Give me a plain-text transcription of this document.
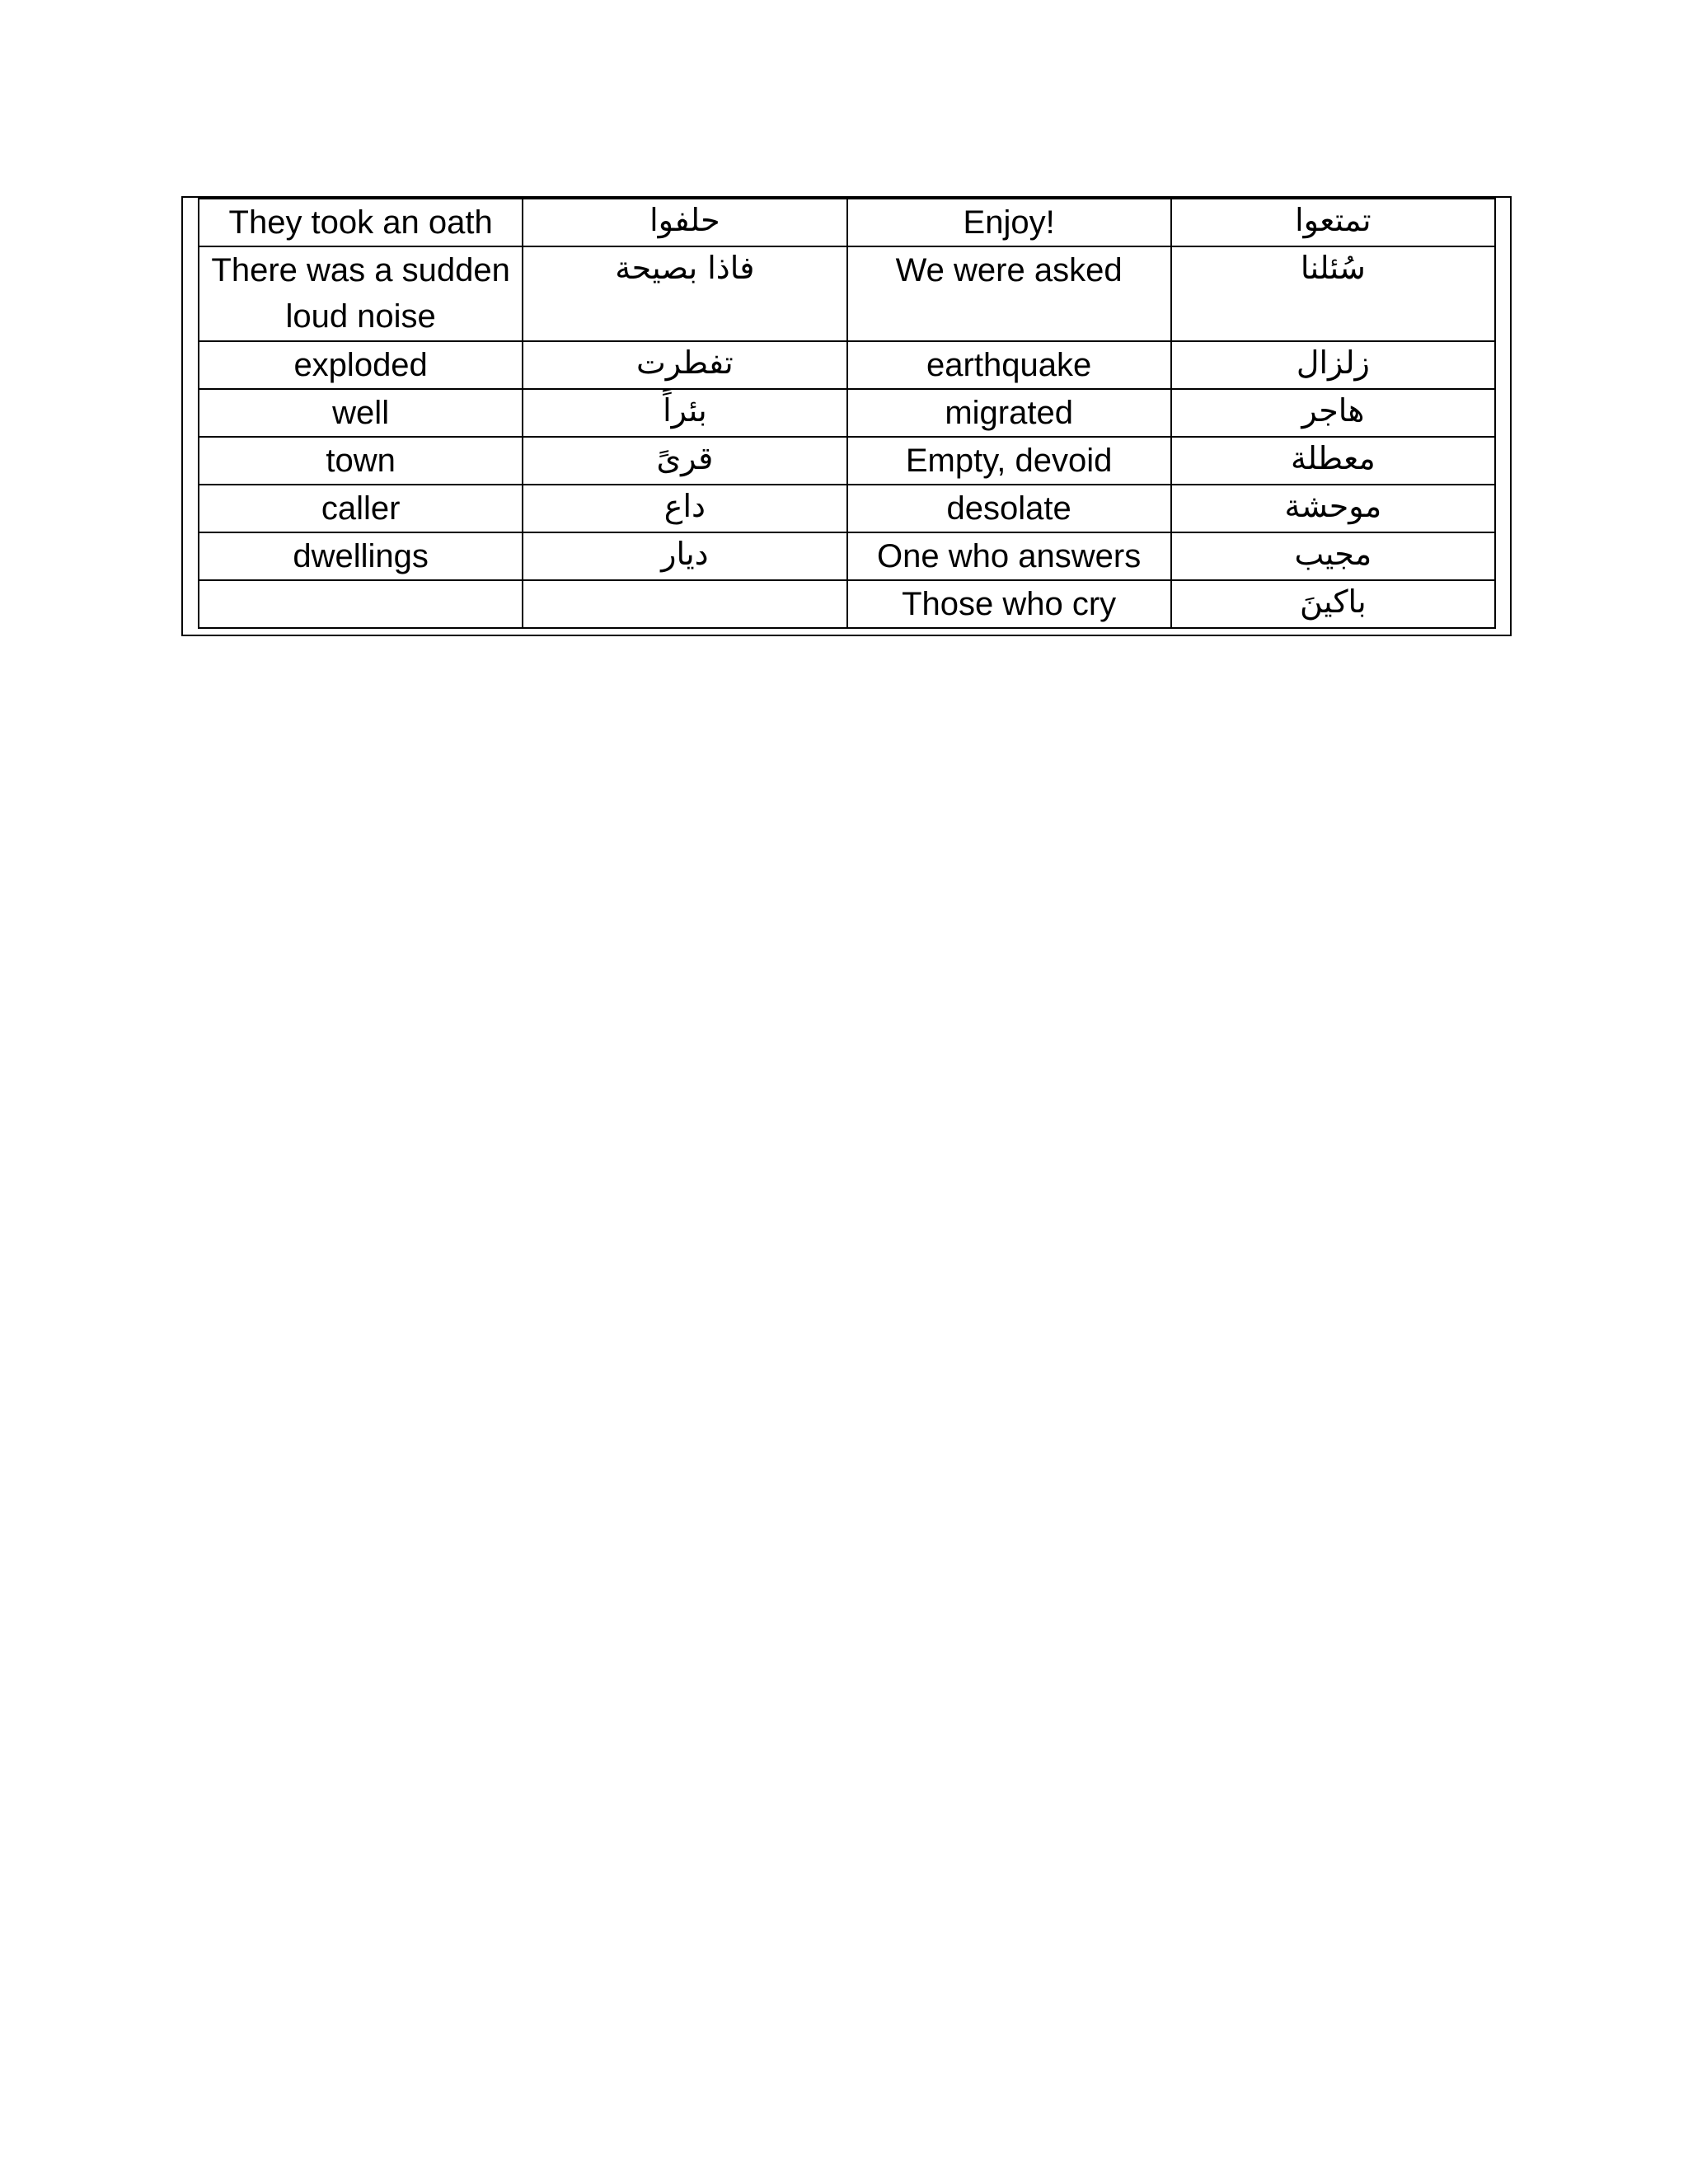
They took an oath	حلفوا	Enjoy!	تمتعوا
There was a sudden loud noise	فاذا بصيحة	We were asked	سُئلنا
exploded	تفطرت	earthquake	زلزال
well	بئراً	migrated	هاجر
town	قرىً	Empty, devoid	معطلة
caller	داع	desolate	موحشة
dwellings	ديار	One who answers	مجيب
		Those who cry	باكينَ
